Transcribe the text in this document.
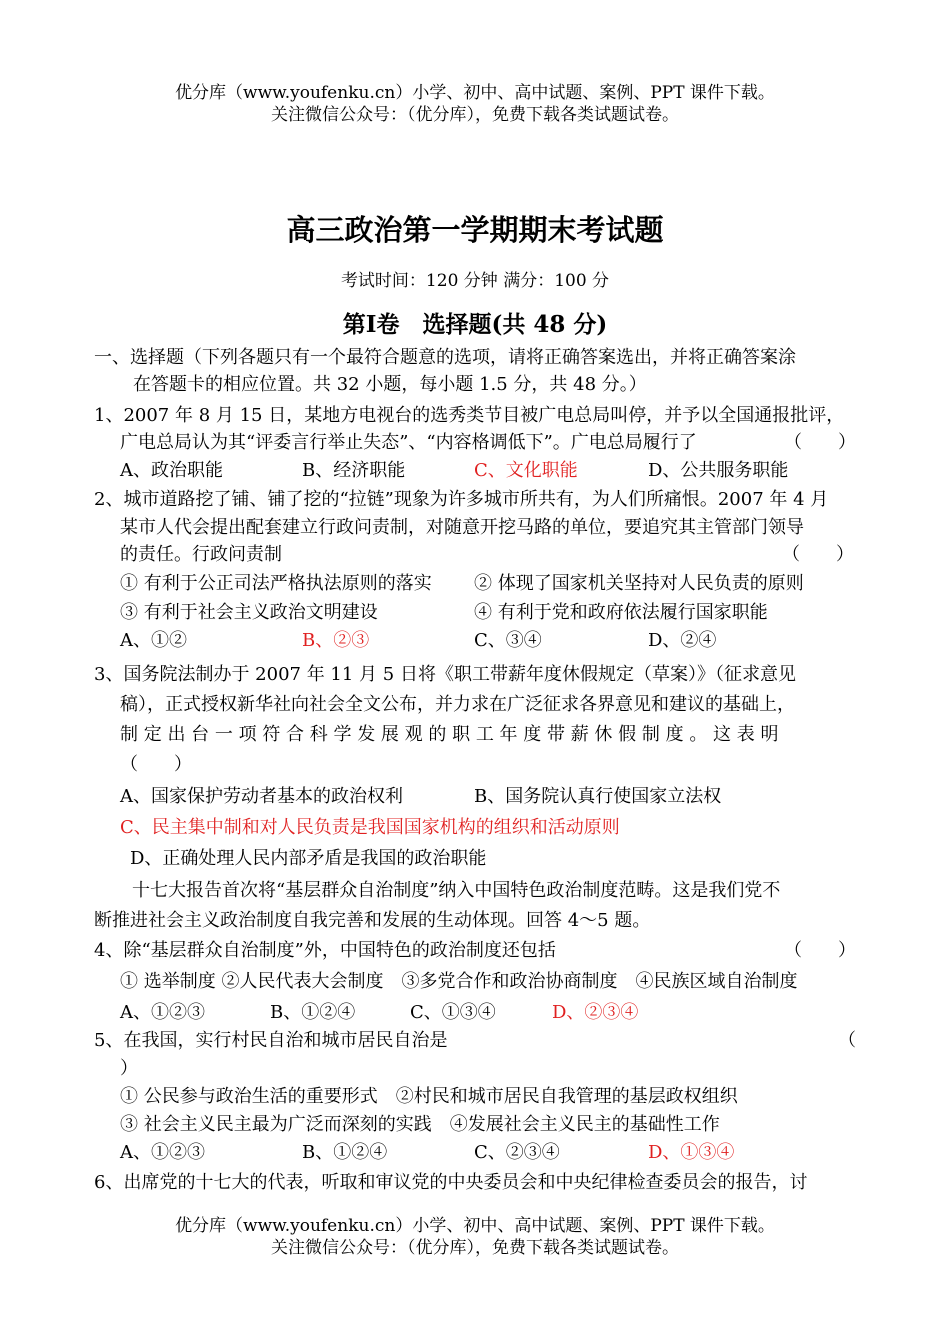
优分库（www.youfenku.cn）小学、初中、高中试题、案例、PPT 课件下载。
关注微信公众号：（优分库），免费下载各类试题试卷。
高三政治第一学期期末考试题
考试时间：120 分钟 满分：100 分
第Ⅰ卷　选择题(共 48 分)
一、选择题（下列各题只有一个最符合题意的选项，请将正确答案选出，并将正确答案涂
在答题卡的相应位置。共 32 小题，每小题 1.5 分，共 48 分。）
1、2007 年 8 月 15 日，某地方电视台的选秀类节目被广电总局叫停，并予以全国通报批评，
广电总局认为其“评委言行举止失态”、“内容格调低下”。广电总局履行了	（　　）
A、政治职能	B、经济职能	C、文化职能	D、公共服务职能
2、城市道路挖了铺、铺了挖的“拉链”现象为许多城市所共有，为人们所痛恨。2007 年 4 月
某市人代会提出配套建立行政问责制，对随意开挖马路的单位，要追究其主管部门领导
的责任。行政问责制	（　　）
① 有利于公正司法严格执法原则的落实 ② 体现了国家机关坚持对人民负责的原则
③ 有利于社会主义政治文明建设	④ 有利于党和政府依法履行国家职能
A、①②	B、②③	C、③④	D、②④
3、国务院法制办于 2007 年 11 月 5 日将《职工带薪年度休假规定（草案）》（征求意见
稿），正式授权新华社向社会全文公布，并力求在广泛征求各界意见和建议的基础上，
制 定 出 台 一 项 符 合 科 学 发 展 观 的 职 工 年 度 带 薪 休 假 制 度 。 这 表 明
（　　）
A、国家保护劳动者基本的政治权利	B、国务院认真行使国家立法权
C、民主集中制和对人民负责是我国国家机构的组织和活动原则
D、正确处理人民内部矛盾是我国的政治职能
十七大报告首次将“基层群众自治制度”纳入中国特色政治制度范畴。这是我们党不
断推进社会主义政治制度自我完善和发展的生动体现。回答 4～5 题。
4、除“基层群众自治制度”外，中国特色的政治制度还包括	（　　）
① 选举制度 ②人民代表大会制度　③多党合作和政治协商制度　④民族区域自治制度
A、①②③	B、①②④	C、①③④	D、②③④
5、在我国，实行村民自治和城市居民自治是	（
）
① 公民参与政治生活的重要形式　②村民和城市居民自我管理的基层政权组织
③ 社会主义民主最为广泛而深刻的实践　④发展社会主义民主的基础性工作
A、①②③	B、①②④	C、②③④	D、①③④
6、出席党的十七大的代表，听取和审议党的中央委员会和中央纪律检查委员会的报告，讨
优分库（www.youfenku.cn）小学、初中、高中试题、案例、PPT 课件下载。
关注微信公众号：（优分库），免费下载各类试题试卷。
